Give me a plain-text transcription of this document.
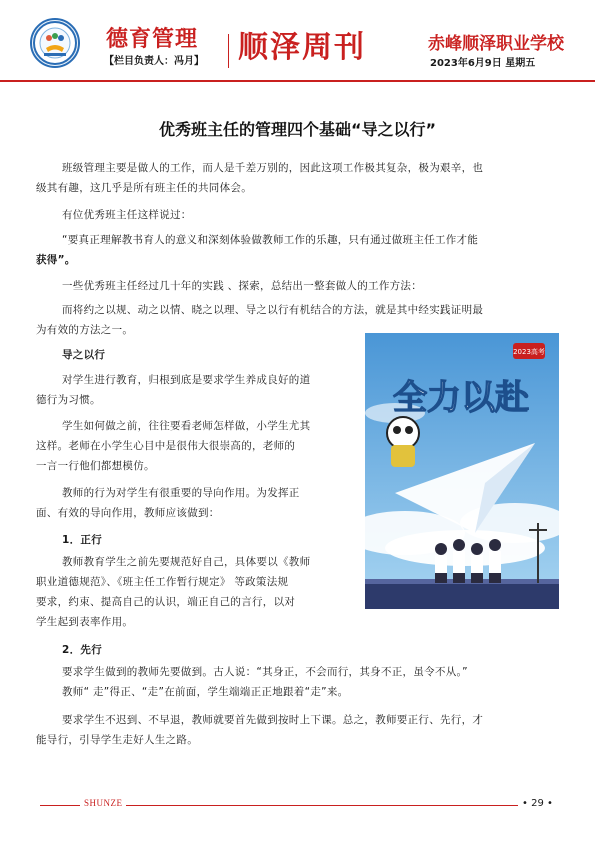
德育管理
【栏目负责人：冯月】 顺泽周刊	赤峰顺泽职业学校
2023年6月9日 星期五
优秀班主任的管理四个基础“导之以行”
班级管理主要是做人的工作，而人是千差万别的，因此这项工作极其复杂，极为艰辛，也
级其有趣，这几乎是所有班主任的共同体会。
有位优秀班主任这样说过：
“要真正理解教书育人的意义和深刻体验做教师工作的乐趣，只有通过做班主任工作才能
获得”。
一些优秀班主任经过几十年的实践 、探索，总结出一整套做人的工作方法：
而将约之以规、动之以情、晓之以理、导之以行有机结合的方法，就是其中经实践证明最
为有效的方法之一。
导之以行
对学生进行教育，归根到底是要求学生养成良好的道
德行为习惯。
学生如何做之前，往往要看老师怎样做，小学生尤其
这样。老师在小学生心目中是很伟大很崇高的，老师的
一言一行他们都想模仿。
教师的行为对学生有很重要的导向作用。为发挥正
面、有效的导向作用，教师应该做到：
1．正行
教师教育学生之前先要规范好自己，具体要以《教师
职业道德规范》、《班主任工作暂行规定》 等政策法规
要求，约束、提高自己的认识，端正自己的言行，以对
学生起到表率作用。
2．先行
要求学生做到的教师先要做到。古人说：“其身正，不会而行，其身不正，虽令不从。”
教师“ 走”得正、“走”在前面，学生端端正正地跟着“走”来。
要求学生不迟到、不早退，教师就要首先做到按时上下课。总之，教师要正行、先行，才
能导行，引导学生走好人生之路。
全力以赴
2023高考
SHUNZE	• 29 •
